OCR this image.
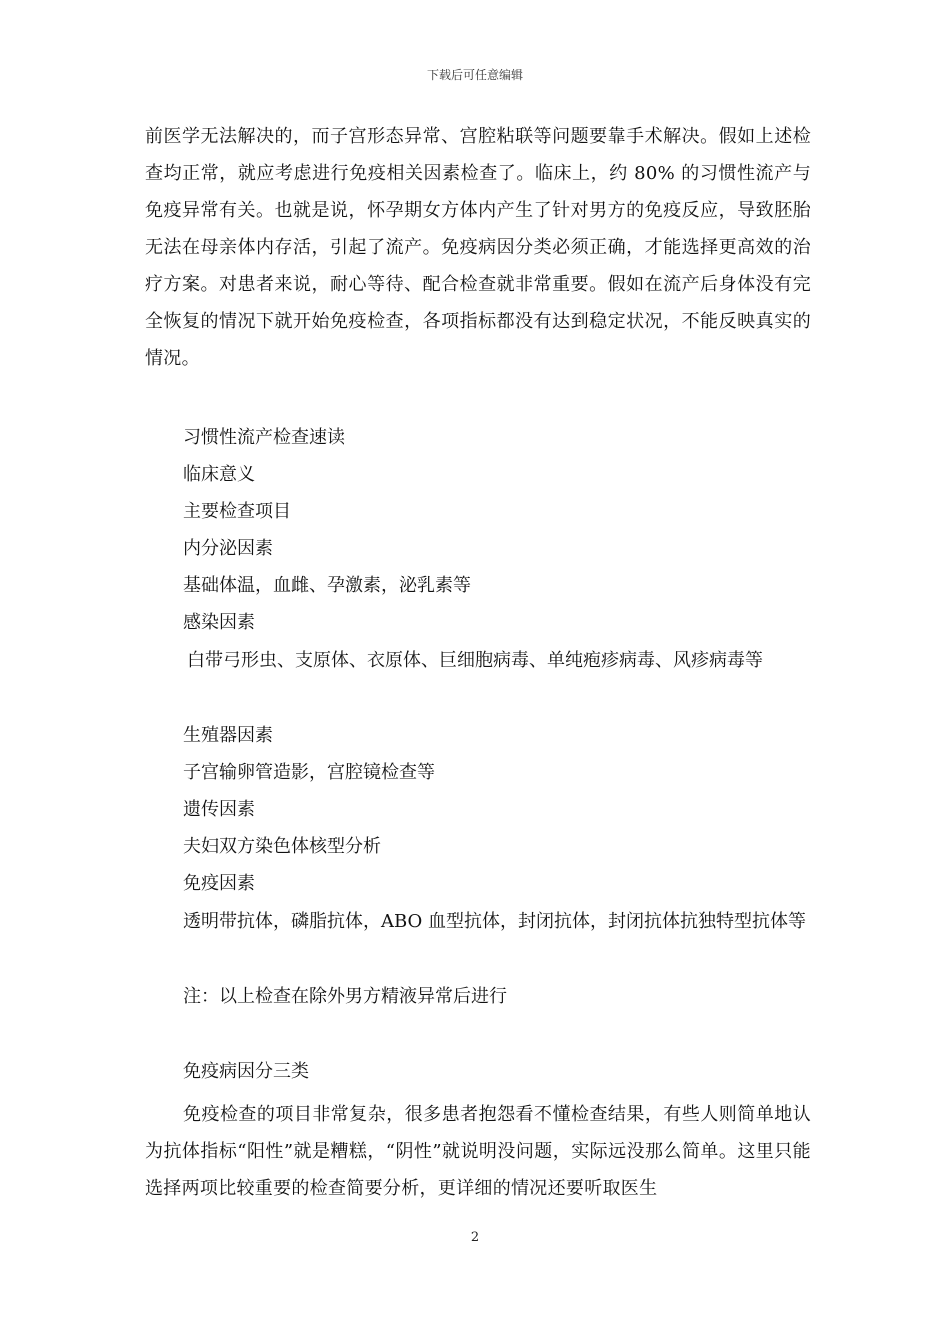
下载后可任意编辑
前医学无法解决的，而子宫形态异常、宫腔粘联等问题要靠手术解决。假如上述检查均正常，就应考虑进行免疫相关因素检查了。临床上，约 80% 的习惯性流产与免疫异常有关。也就是说，怀孕期女方体内产生了针对男方的免疫反应，导致胚胎无法在母亲体内存活，引起了流产。免疫病因分类必须正确，才能选择更高效的治疗方案。对患者来说，耐心等待、配合检查就非常重要。假如在流产后身体没有完全恢复的情况下就开始免疫检查，各项指标都没有达到稳定状况，不能反映真实的情况。
习惯性流产检查速读
临床意义
主要检查项目
内分泌因素
基础体温，血雌、孕激素，泌乳素等
感染因素
白带弓形虫、支原体、衣原体、巨细胞病毒、单纯疱疹病毒、风疹病毒等
生殖器因素
子宫输卵管造影，宫腔镜检查等
遗传因素
夫妇双方染色体核型分析
免疫因素
透明带抗体，磷脂抗体，ABO 血型抗体，封闭抗体，封闭抗体抗独特型抗体等
注：以上检查在除外男方精液异常后进行
免疫病因分三类
免疫检查的项目非常复杂，很多患者抱怨看不懂检查结果，有些人则简单地认为抗体指标“阳性”就是糟糕，“阴性”就说明没问题，实际远没那么简单。这里只能选择两项比较重要的检查简要分析，更详细的情况还要听取医生
2
